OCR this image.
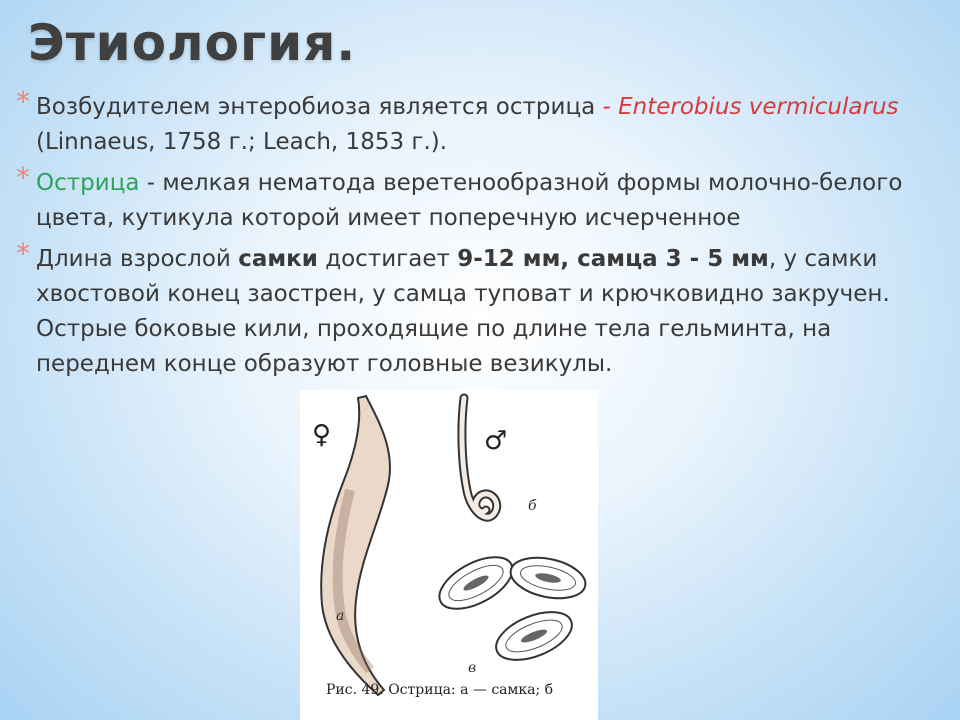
Этиология.
* Возбудителем энтеробиоза является острица - Enterobius vermicularus (Linnaeus, 1758 г.; Leach, 1853 г.).
* Острица - мелкая нематода веретенообразной формы молочно-белого цвета, кутикула которой имеет поперечную исчерченное
* Длина взрослой самки достигает 9-12 мм, самца 3 - 5 мм, у самки хвостовой конец заострен, у самца туповат и крючковидно закручен. Острые боковые кили, проходящие по длине тела гельминта, на переднем конце образуют головные везикулы.
♀	♂
а
б
в
Рис. 49. Острица: а — самка; б
